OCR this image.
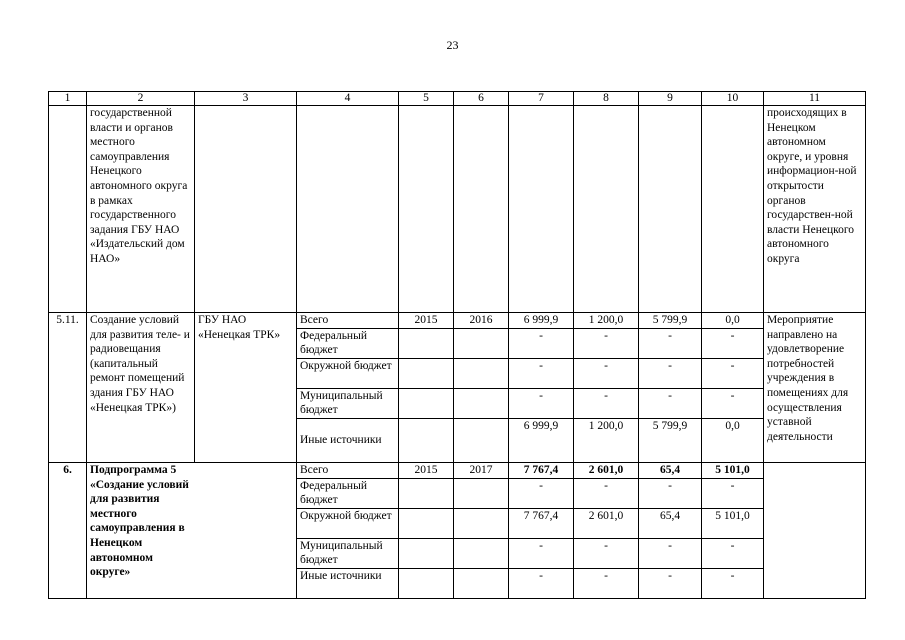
23
1	2	3	4	5	6	7	8	9	10	11
	государственной власти и органов местного самоуправления Ненецкого автономного округа в рамках государственного задания ГБУ НАО «Издательский дом НАО»									происходящих в Ненецком автономном округе, и уровня информацион-ной открытости органов государствен-ной власти Ненецкого автономного округа
5.11.	Создание условий для развития теле- и радиовещания (капитальный ремонт помещений здания ГБУ НАО «Ненецкая ТРК»)	ГБУ НАО «Ненецкая ТРК»	Всего	2015	2016	6 999,9	1 200,0	5 799,9	0,0	Мероприятие направлено на удовлетворение потребностей учреждения в помещениях для осуществления уставной деятельности
			Федеральный бюджет			-	-	-	-	
			Окружной бюджет			-	-	-	-	
			Муниципальный бюджет			-	-	-	-	
			Иные источники			6 999,9	1 200,0	5 799,9	0,0	
6.	Подпрограмма 5 «Создание условий для развития местного самоуправления в Ненецком автономном округе»		Всего	2015	2017	7 767,4	2 601,0	65,4	5 101,0	
			Федеральный бюджет			-	-	-	-	
			Окружной бюджет			7 767,4	2 601,0	65,4	5 101,0	
			Муниципальный бюджет			-	-	-	-	
			Иные источники			-	-	-	-	
